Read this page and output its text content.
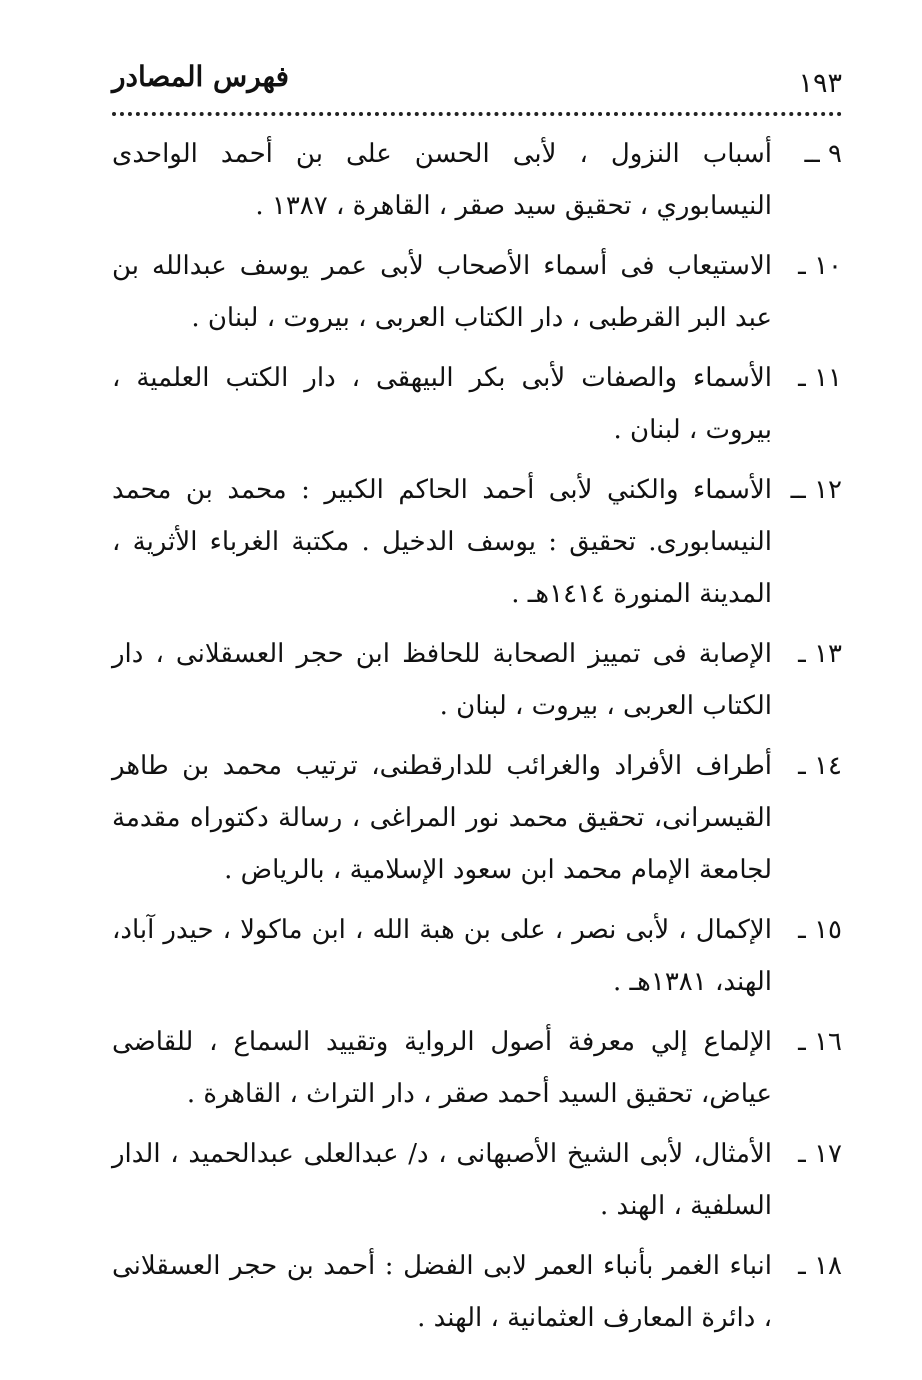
١٩٣
فهرس المصادر
٩ ــ
أسباب النزول ، لأبى الحسن على بن أحمد الواحدى النيسابوري ، تحقيق سيد صقر ، القاهرة ، ١٣٨٧ .
١٠ ـ
الاستيعاب فى أسماء الأصحاب لأبى عمر يوسف عبدالله بن عبد البر القرطبى ، دار الكتاب العربى ، بيروت ، لبنان .
١١ ـ
الأسماء والصفات لأبى بكر البيهقى ، دار الكتب العلمية ، بيروت ، لبنان .
١٢ ــ
الأسماء والكني لأبى أحمد الحاكم الكبير : محمد بن محمد النيسابورى. تحقيق : يوسف الدخيل . مكتبة الغرباء الأثرية ، المدينة المنورة ١٤١٤هـ .
١٣ ـ
الإصابة فى تمييز الصحابة للحافظ ابن حجر العسقلانى ، دار الكتاب العربى ، بيروت ، لبنان .
١٤ ـ
أطراف الأفراد والغرائب للدارقطنى، ترتيب محمد بن طاهر القيسرانى، تحقيق محمد نور المراغى ، رسالة دكتوراه مقدمة لجامعة الإمام محمد ابن سعود الإسلامية ، بالرياض .
١٥ ـ
الإكمال ، لأبى نصر ، على بن هبة الله ، ابن ماكولا ، حيدر آباد، الهند، ١٣٨١هـ .
١٦ ـ
الإلماع إلي معرفة أصول الرواية وتقييد السماع ، للقاضى عياض، تحقيق السيد أحمد صقر ، دار التراث ، القاهرة .
١٧ ـ
الأمثال، لأبى الشيخ الأصبهانى ، د/ عبدالعلى عبدالحميد ، الدار السلفية ، الهند .
١٨ ـ
انباء الغمر بأنباء العمر لابى الفضل : أحمد بن حجر العسقلانى ، دائرة المعارف العثمانية ، الهند .
